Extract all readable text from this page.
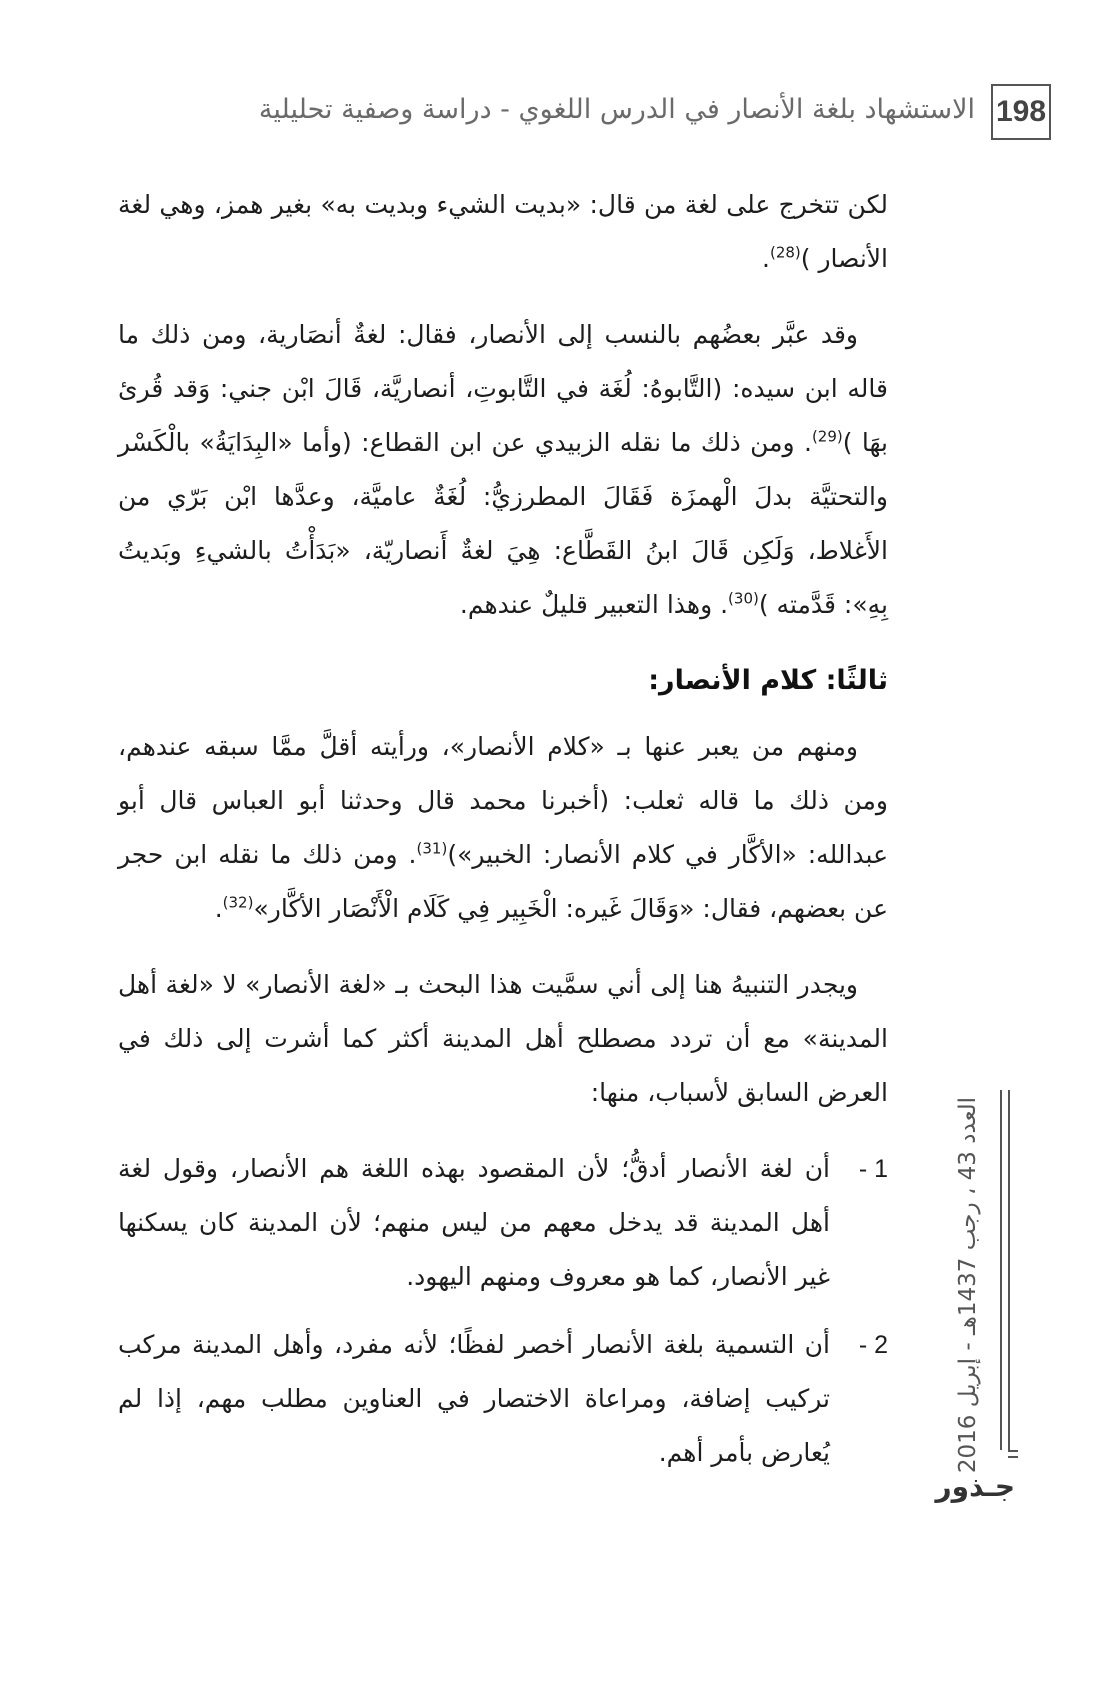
198
الاستشهاد بلغة الأنصار في الدرس اللغوي - دراسة وصفية تحليلية

لكن تتخرج على لغة من قال: «بديت الشيء وبديت به» بغير همز، وهي لغة الأنصار )$^{(28)}$.

وقد عبَّر بعضُهم بالنسب إلى الأنصار، فقال: لغةٌ أنصَارية، ومن ذلك ما قاله ابن سيده: (التَّابوهُ: لُغَة في التَّابوتِ، أنصاريَّة، قَالَ ابْن جني: وَقد قُرئ بهَا )$^{(29)}$. ومن ذلك ما نقله الزبيدي عن ابن القطاع: (وأما «البِدَايَةُ» بالْكَسْر والتحتيَّة بدلَ الْهمزَة فَقَالَ المطرزيُّ: لُغَةٌ عاميَّة، وعدَّها ابْن بَرّي من الأَغلاط، وَلَكِن قَالَ ابنُ القَطَّاع: هِيَ لغةٌ أَنصاريّة، «بَدَأْتُ بالشيءِ وبَديتُ بِهِ»: قَدَّمته )$^{(30)}$. وهذا التعبير قليلٌ عندهم.

ثالثًا: كلام الأنصار:

ومنهم من يعبر عنها بـ «كلام الأنصار»، ورأيته أقلَّ ممَّا سبقه عندهم، ومن ذلك ما قاله ثعلب: (أخبرنا محمد قال وحدثنا أبو العباس قال أبو عبدالله: «الأكَّار في كلام الأنصار: الخبير»)$^{(31)}$. ومن ذلك ما نقله ابن حجر عن بعضهم، فقال: «وَقَالَ غَيره: الْخَبِير فِي كَلَام الْأَنْصَار الأكَّار»$^{(32)}$.

ويجدر التنبيهُ هنا إلى أني سمَّيت هذا البحث بـ «لغة الأنصار» لا «لغة أهل المدينة» مع أن تردد مصطلح أهل المدينة أكثر كما أشرت إلى ذلك في العرض السابق لأسباب، منها:

1 -
أن لغة الأنصار أدقُّ؛ لأن المقصود بهذه اللغة هم الأنصار، وقول لغة أهل المدينة قد يدخل معهم من ليس منهم؛ لأن المدينة كان يسكنها غير الأنصار، كما هو معروف ومنهم اليهود.
2 -
أن التسمية بلغة الأنصار أخصر لفظًا؛ لأنه مفرد، وأهل المدينة مركب تركيب إضافة، ومراعاة الاختصار في العناوين مطلب مهم، إذا لم يُعارض بأمر أهم.	العدد 43 ، رجب 1437هـ - إبريل 2016
جـذور
